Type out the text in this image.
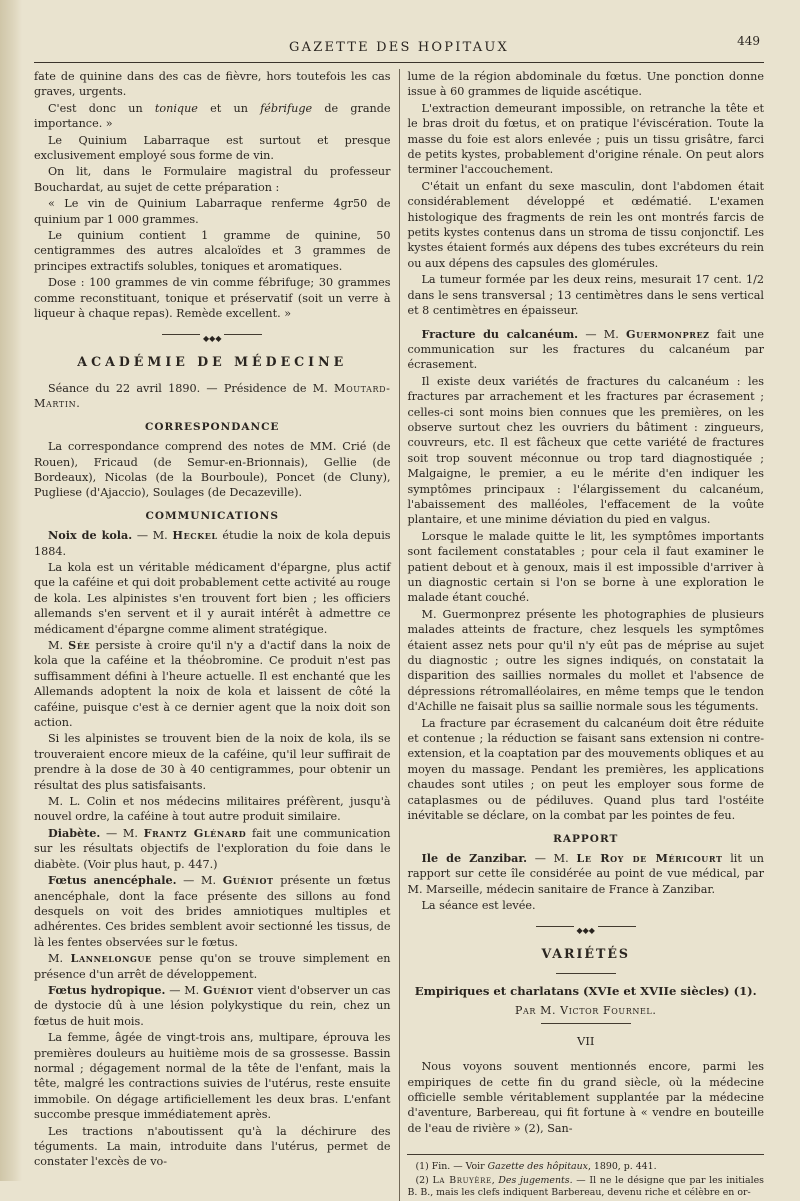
GAZETTE DES HOPITAUX	449

fate de quinine dans des cas de fièvre, hors toutefois les cas graves, urgents.

C'est donc un tonique et un fébrifuge de grande importance. »

Le Quinium Labarraque est surtout et presque exclusivement employé sous forme de vin.

On lit, dans le Formulaire magistral du professeur Bouchardat, au sujet de cette préparation :

« Le vin de Quinium Labarraque renferme 4gr50 de quinium par 1 000 grammes.

Le quinium contient 1 gramme de quinine, 50 centigrammes des autres alcaloïdes et 3 grammes de principes extractifs solubles, toniques et aromatiques.

Dose : 100 grammes de vin comme fébrifuge; 30 grammes comme reconstituant, tonique et préservatif (soit un verre à liqueur à chaque repas). Remède excellent. »

◆◆◆
ACADÉMIE DE MÉDECINE

Séance du 22 avril 1890. — Présidence de M. Moutard-Martin.

CORRESPONDANCE

La correspondance comprend des notes de MM. Crié (de Rouen), Fricaud (de Semur-en-Brionnais), Gellie (de Bordeaux), Nicolas (de la Bourboule), Poncet (de Cluny), Pugliese (d'Ajaccio), Soulages (de Decazeville).

COMMUNICATIONS

Noix de kola. — M. Heckel étudie la noix de kola depuis 1884.

La kola est un véritable médicament d'épargne, plus actif que la caféine et qui doit probablement cette activité au rouge de kola. Les alpinistes s'en trouvent fort bien ; les officiers allemands s'en servent et il y aurait intérêt à admettre ce médicament d'épargne comme aliment stratégique.

M. Sée persiste à croire qu'il n'y a d'actif dans la noix de kola que la caféine et la théobromine. Ce produit n'est pas suffisamment défini à l'heure actuelle. Il est enchanté que les Allemands adoptent la noix de kola et laissent de côté la caféine, puisque c'est à ce dernier agent que la noix doit son action.

Si les alpinistes se trouvent bien de la noix de kola, ils se trouveraient encore mieux de la caféine, qu'il leur suffirait de prendre à la dose de 30 à 40 centigrammes, pour obtenir un résultat des plus satisfaisants.

M. L. Colin et nos médecins militaires préfèrent, jusqu'à nouvel ordre, la caféine à tout autre produit similaire.

Diabète. — M. Frantz Glénard fait une communication sur les résultats objectifs de l'exploration du foie dans le diabète. (Voir plus haut, p. 447.)

Fœtus anencéphale. — M. Guéniot présente un fœtus anencéphale, dont la face présente des sillons au fond desquels on voit des brides amniotiques multiples et adhérentes. Ces brides semblent avoir sectionné les tissus, de là les fentes observées sur le fœtus.

M. Lannelongue pense qu'on se trouve simplement en présence d'un arrêt de développement.

Fœtus hydropique. — M. Guéniot vient d'observer un cas de dystocie dû à une lésion polykystique du rein, chez un fœtus de huit mois.

La femme, âgée de vingt-trois ans, multipare, éprouva les premières douleurs au huitième mois de sa grossesse. Bassin normal ; dégagement normal de la tête de l'enfant, mais la tête, malgré les contractions suivies de l'utérus, reste ensuite immobile. On dégage artificiellement les deux bras. L'enfant succombe presque immédiatement après.

Les tractions n'aboutissent qu'à la déchirure des téguments. La main, introduite dans l'utérus, permet de constater l'excès de vo-

lume de la région abdominale du fœtus. Une ponction donne issue à 60 grammes de liquide ascétique.

L'extraction demeurant impossible, on retranche la tête et le bras droit du fœtus, et on pratique l'éviscération. Toute la masse du foie est alors enlevée ; puis un tissu grisâtre, farci de petits kystes, probablement d'origine rénale. On peut alors terminer l'accouchement.

C'était un enfant du sexe masculin, dont l'abdomen était considérablement développé et œdématié. L'examen histologique des fragments de rein les ont montrés farcis de petits kystes contenus dans un stroma de tissu conjonctif. Les kystes étaient formés aux dépens des tubes excréteurs du rein ou aux dépens des capsules des glomérules.

La tumeur formée par les deux reins, mesurait 17 cent. 1/2 dans le sens transversal ; 13 centimètres dans le sens vertical et 8 centimètres en épaisseur.

Fracture du calcanéum. — M. Guermonprez fait une communication sur les fractures du calcanéum par écrasement.

Il existe deux variétés de fractures du calcanéum : les fractures par arrachement et les fractures par écrasement ; celles-ci sont moins bien connues que les premières, on les observe surtout chez les ouvriers du bâtiment : zingueurs, couvreurs, etc. Il est fâcheux que cette variété de fractures soit trop souvent méconnue ou trop tard diagnostiquée ; Malgaigne, le premier, a eu le mérite d'en indiquer les symptômes principaux : l'élargissement du calcanéum, l'abaissement des malléoles, l'effacement de la voûte plantaire, et une minime déviation du pied en valgus.

Lorsque le malade quitte le lit, les symptômes importants sont facilement constatables ; pour cela il faut examiner le patient debout et à genoux, mais il est impossible d'arriver à un diagnostic certain si l'on se borne à une exploration le malade étant couché.

M. Guermonprez présente les photographies de plusieurs malades atteints de fracture, chez lesquels les symptômes étaient assez nets pour qu'il n'y eût pas de méprise au sujet du diagnostic ; outre les signes indiqués, on constatait la disparition des saillies normales du mollet et l'absence de dépressions rétromalléolaires, en même temps que le tendon d'Achille ne faisait plus sa saillie normale sous les téguments.

La fracture par écrasement du calcanéum doit être réduite et contenue ; la réduction se faisant sans extension ni contre-extension, et la coaptation par des mouvements obliques et au moyen du massage. Pendant les premières, les applications chaudes sont utiles ; on peut les employer sous forme de cataplasmes ou de pédiluves. Quand plus tard l'ostéite inévitable se déclare, on la combat par les pointes de feu.

RAPPORT

Ile de Zanzibar. — M. Le Roy de Méricourt lit un rapport sur cette île considérée au point de vue médical, par M. Marseille, médecin sanitaire de France à Zanzibar.

La séance est levée.

◆◆◆
VARIÉTÉS
Empiriques et charlatans (XVIe et XVIIe siècles) (1).
Par M. Victor Fournel.
VII

Nous voyons souvent mentionnés encore, parmi les empiriques de cette fin du grand siècle, où la médecine officielle semble véritablement supplantée par la médecine d'aventure, Barbereau, qui fit fortune à « vendre en bouteille de l'eau de rivière » (2), San-

(1) Fin. — Voir Gazette des hôpitaux, 1890, p. 441.

(2) La Bruyère, Des jugements. — Il ne le désigne que par les initiales B. B., mais les clefs indiquent Barbereau, devenu riche et célèbre en or-
